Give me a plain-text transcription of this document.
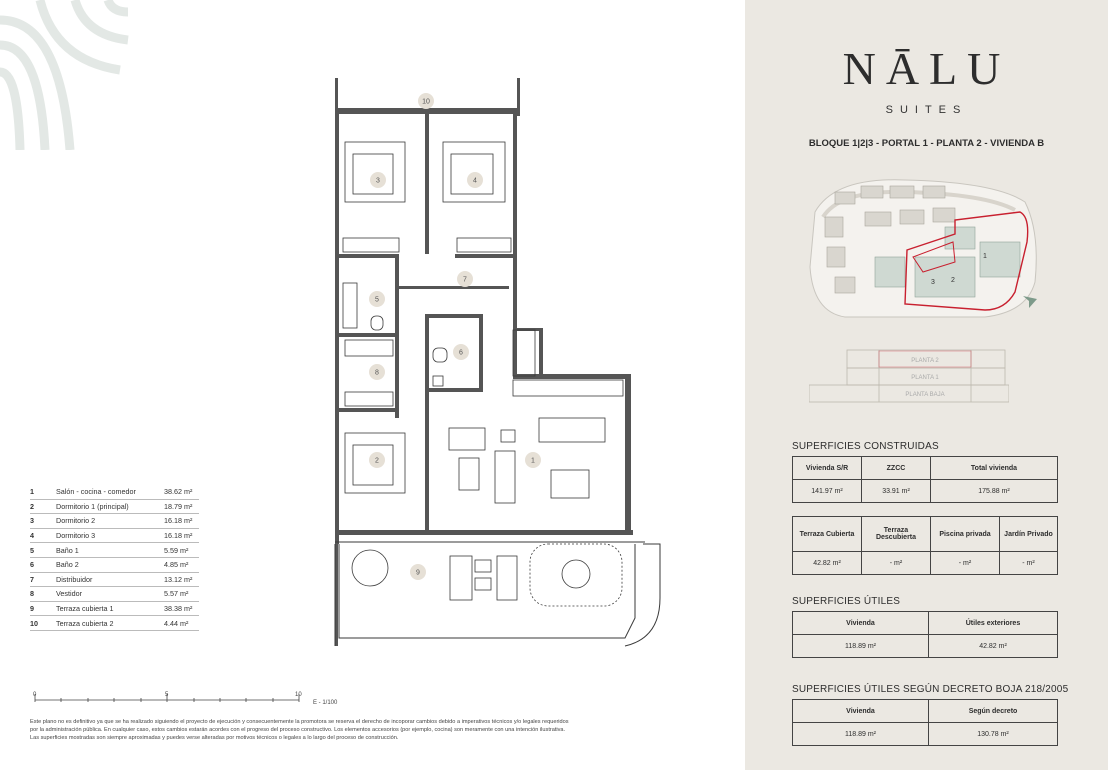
10
3	4
7
5
6
8
2	1
9
1	Salón - cocina - comedor	38.62 m²
2	Dormitorio 1 (principal)	18.79 m²
3	Dormitorio 2	16.18 m²
4	Dormitorio 3	16.18 m²
5	Baño 1	5.59 m²
6	Baño 2	4.85 m²
7	Distribuidor	13.12 m²
8	Vestidor	5.57 m²
9	Terraza cubierta 1	38.38 m²
10	Terraza cubierta 2	4.44 m²
0	5	10
E - 1/100
Este plano no es definitivo ya que se ha realizado siguiendo el proyecto de ejecución y consecuentemente la promotora se reserva el derecho de incoporar cambios debido a imperativos técnicos y/o legales requeridos
por la administración pública. En cualquier caso, estos cambios estarán acordes con el progreso del proceso constructivo. Los elementos accesorios (por ejemplo, cocina) son meramente con una intención ilustrativa.
Las superficies mostradas son siempre aproximadas y puedes verse alteradas por motivos técnicos o legales a lo largo del proceso de construcción.
NĀLU
SUITES
BLOQUE 1|2|3 - PORTAL 1 - PLANTA 2 - VIVIENDA B
1
2
3
PLANTA 2
PLANTA 1
PLANTA BAJA
SUPERFICIES CONSTRUIDAS
Vivienda S/R	ZZCC	Total vivienda
141.97 m²	33.91 m²	175.88 m²
Terraza Cubierta	Terraza Descubierta	Piscina privada	Jardín Privado
42.82 m²	- m²	- m²	- m²
SUPERFICIES ÚTILES
Vivienda	Útiles exteriores
118.89 m²	42.82 m²
SUPERFICIES ÚTILES SEGÚN DECRETO BOJA 218/2005
Vivienda	Según decreto
118.89 m²	130.78 m²
